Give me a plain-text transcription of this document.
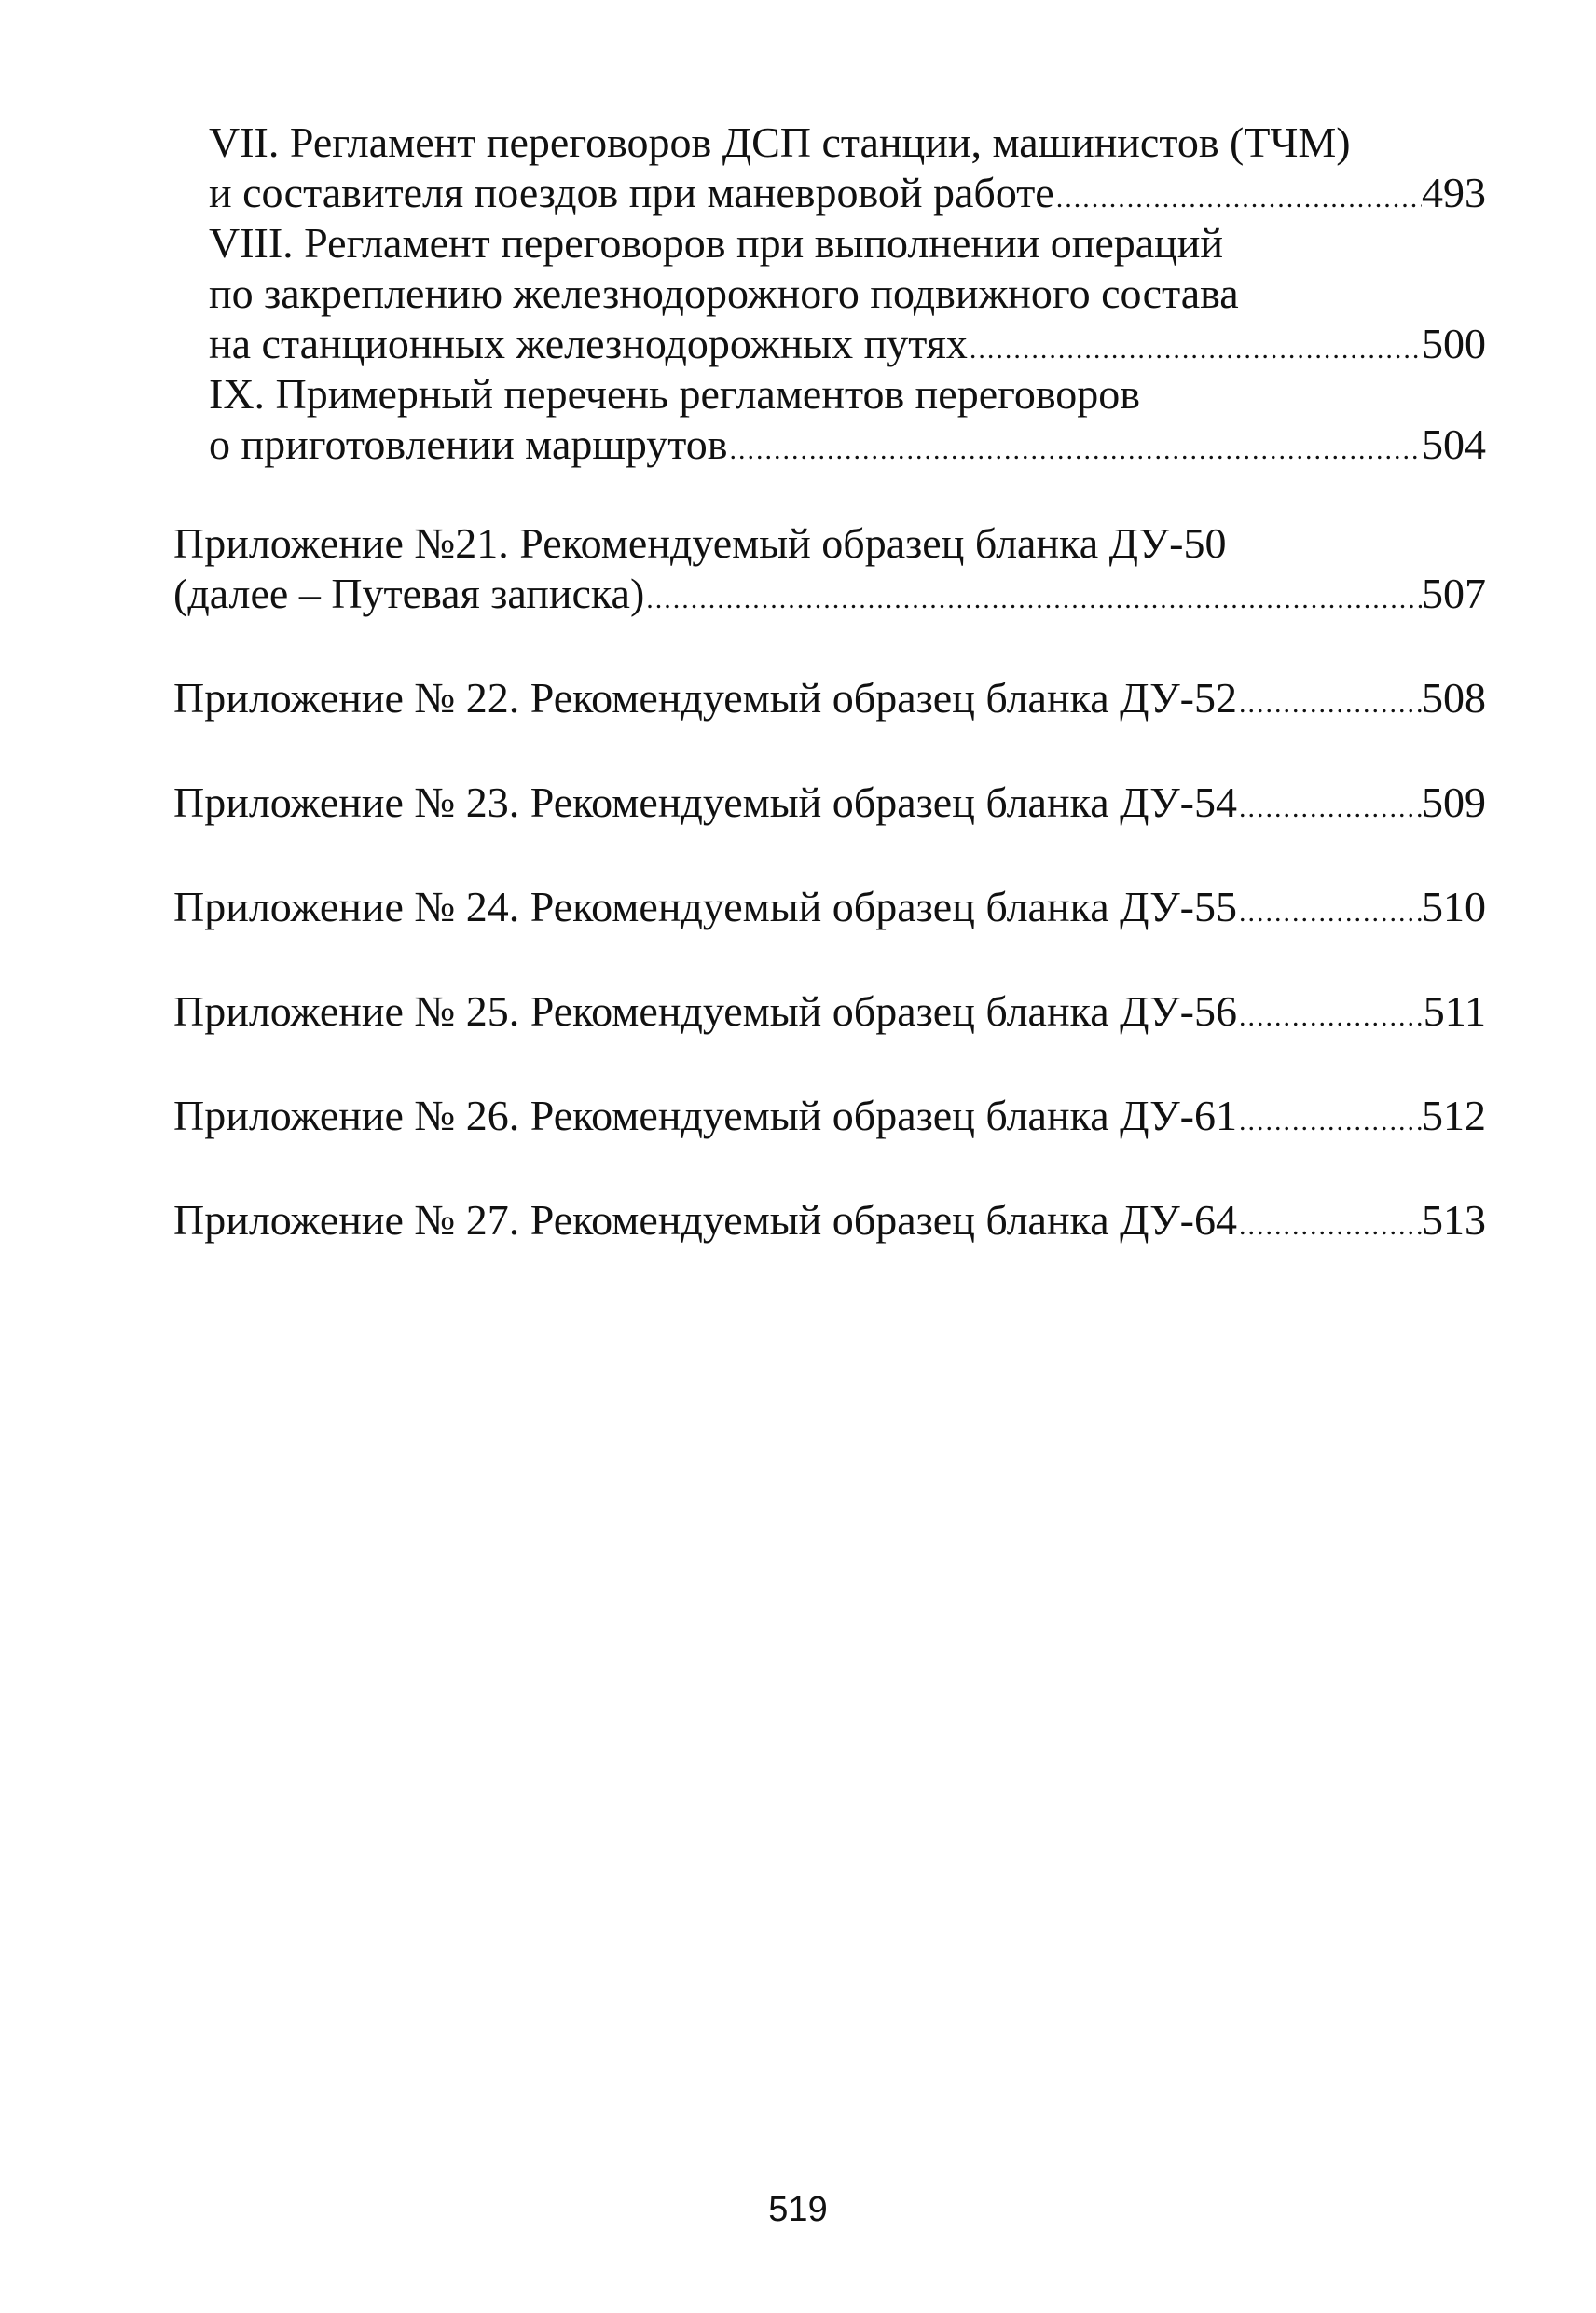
VII. Регламент переговоров ДСП станции, машинистов (ТЧМ)
и составителя поездов при маневровой работе .....	493
VIII. Регламент переговоров при выполнении операций
по закреплению железнодорожного подвижного состава
на станционных железнодорожных путях .....	500
IX. Примерный перечень регламентов переговоров
о приготовлении маршрутов .....	504
Приложение №21. Рекомендуемый образец бланка ДУ-50
(далее – Путевая записка) .....	507
Приложение № 22. Рекомендуемый образец бланка ДУ-52 .....	508
Приложение № 23. Рекомендуемый образец бланка ДУ-54 .....	509
Приложение № 24. Рекомендуемый образец бланка ДУ-55 .....	510
Приложение № 25. Рекомендуемый образец бланка ДУ-56 .....	511
Приложение № 26. Рекомендуемый образец бланка ДУ-61 .....	512
Приложение № 27. Рекомендуемый образец бланка ДУ-64 .....	513
519
